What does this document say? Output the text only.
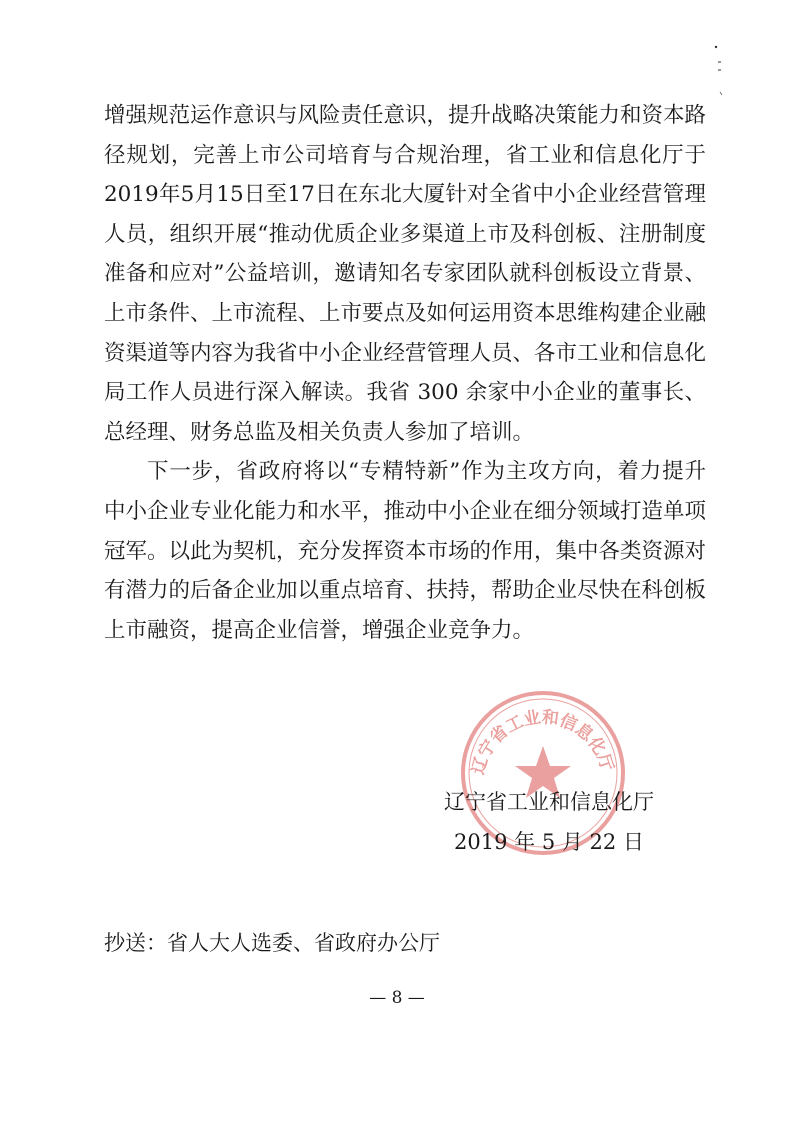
增强规范运作意识与风险责任意识，提升战略决策能力和资本路径规划，完善上市公司培育与合规治理，省工业和信息化厅于2019年5月15日至17日在东北大厦针对全省中小企业经营管理人员，组织开展“推动优质企业多渠道上市及科创板、注册制度准备和应对”公益培训，邀请知名专家团队就科创板设立背景、上市条件、上市流程、上市要点及如何运用资本思维构建企业融资渠道等内容为我省中小企业经营管理人员、各市工业和信息化局工作人员进行深入解读。我省 300 余家中小企业的董事长、总经理、财务总监及相关负责人参加了培训。

下一步，省政府将以“专精特新”作为主攻方向，着力提升中小企业专业化能力和水平，推动中小企业在细分领域打造单项冠军。以此为契机，充分发挥资本市场的作用，集中各类资源对有潜力的后备企业加以重点培育、扶持，帮助企业尽快在科创板上市融资，提高企业信誉，增强企业竞争力。

辽宁省工业和信息化厅
辽宁省工业和信息化厅
2019 年 5 月 22 日
抄送：省人大人选委、省政府办公厅
— 8 —
